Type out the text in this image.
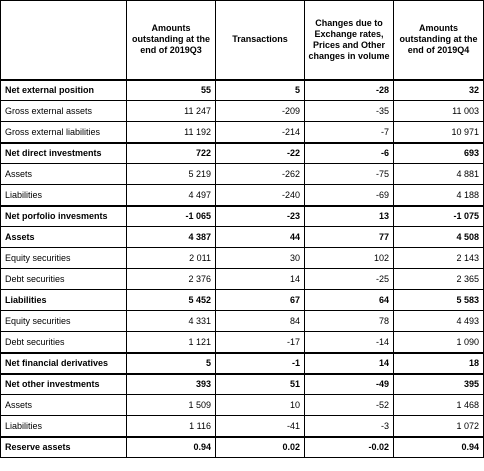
	Amounts outstanding at the end of 2019Q3	Transactions	Changes due to Exchange rates, Prices and Other changes in volume	Amounts outstanding at the end of 2019Q4
Net external position	55	5	-28	32
Gross external assets	11 247	-209	-35	11 003
Gross external liabilities	11 192	-214	-7	10 971
Net direct investments	722	-22	-6	693
Assets	5 219	-262	-75	4 881
Liabilities	4 497	-240	-69	4 188
Net porfolio invesments	-1 065	-23	13	-1 075
Assets	4 387	44	77	4 508
Equity securities	2 011	30	102	2 143
Debt securities	2 376	14	-25	2 365
Liabilities	5 452	67	64	5 583
Equity securities	4 331	84	78	4 493
Debt securities	1 121	-17	-14	1 090
Net financial derivatives	5	-1	14	18
Net other investments	393	51	-49	395
Assets	1 509	10	-52	1 468
Liabilities	1 116	-41	-3	1 072
Reserve assets	0.94	0.02	-0.02	0.94
